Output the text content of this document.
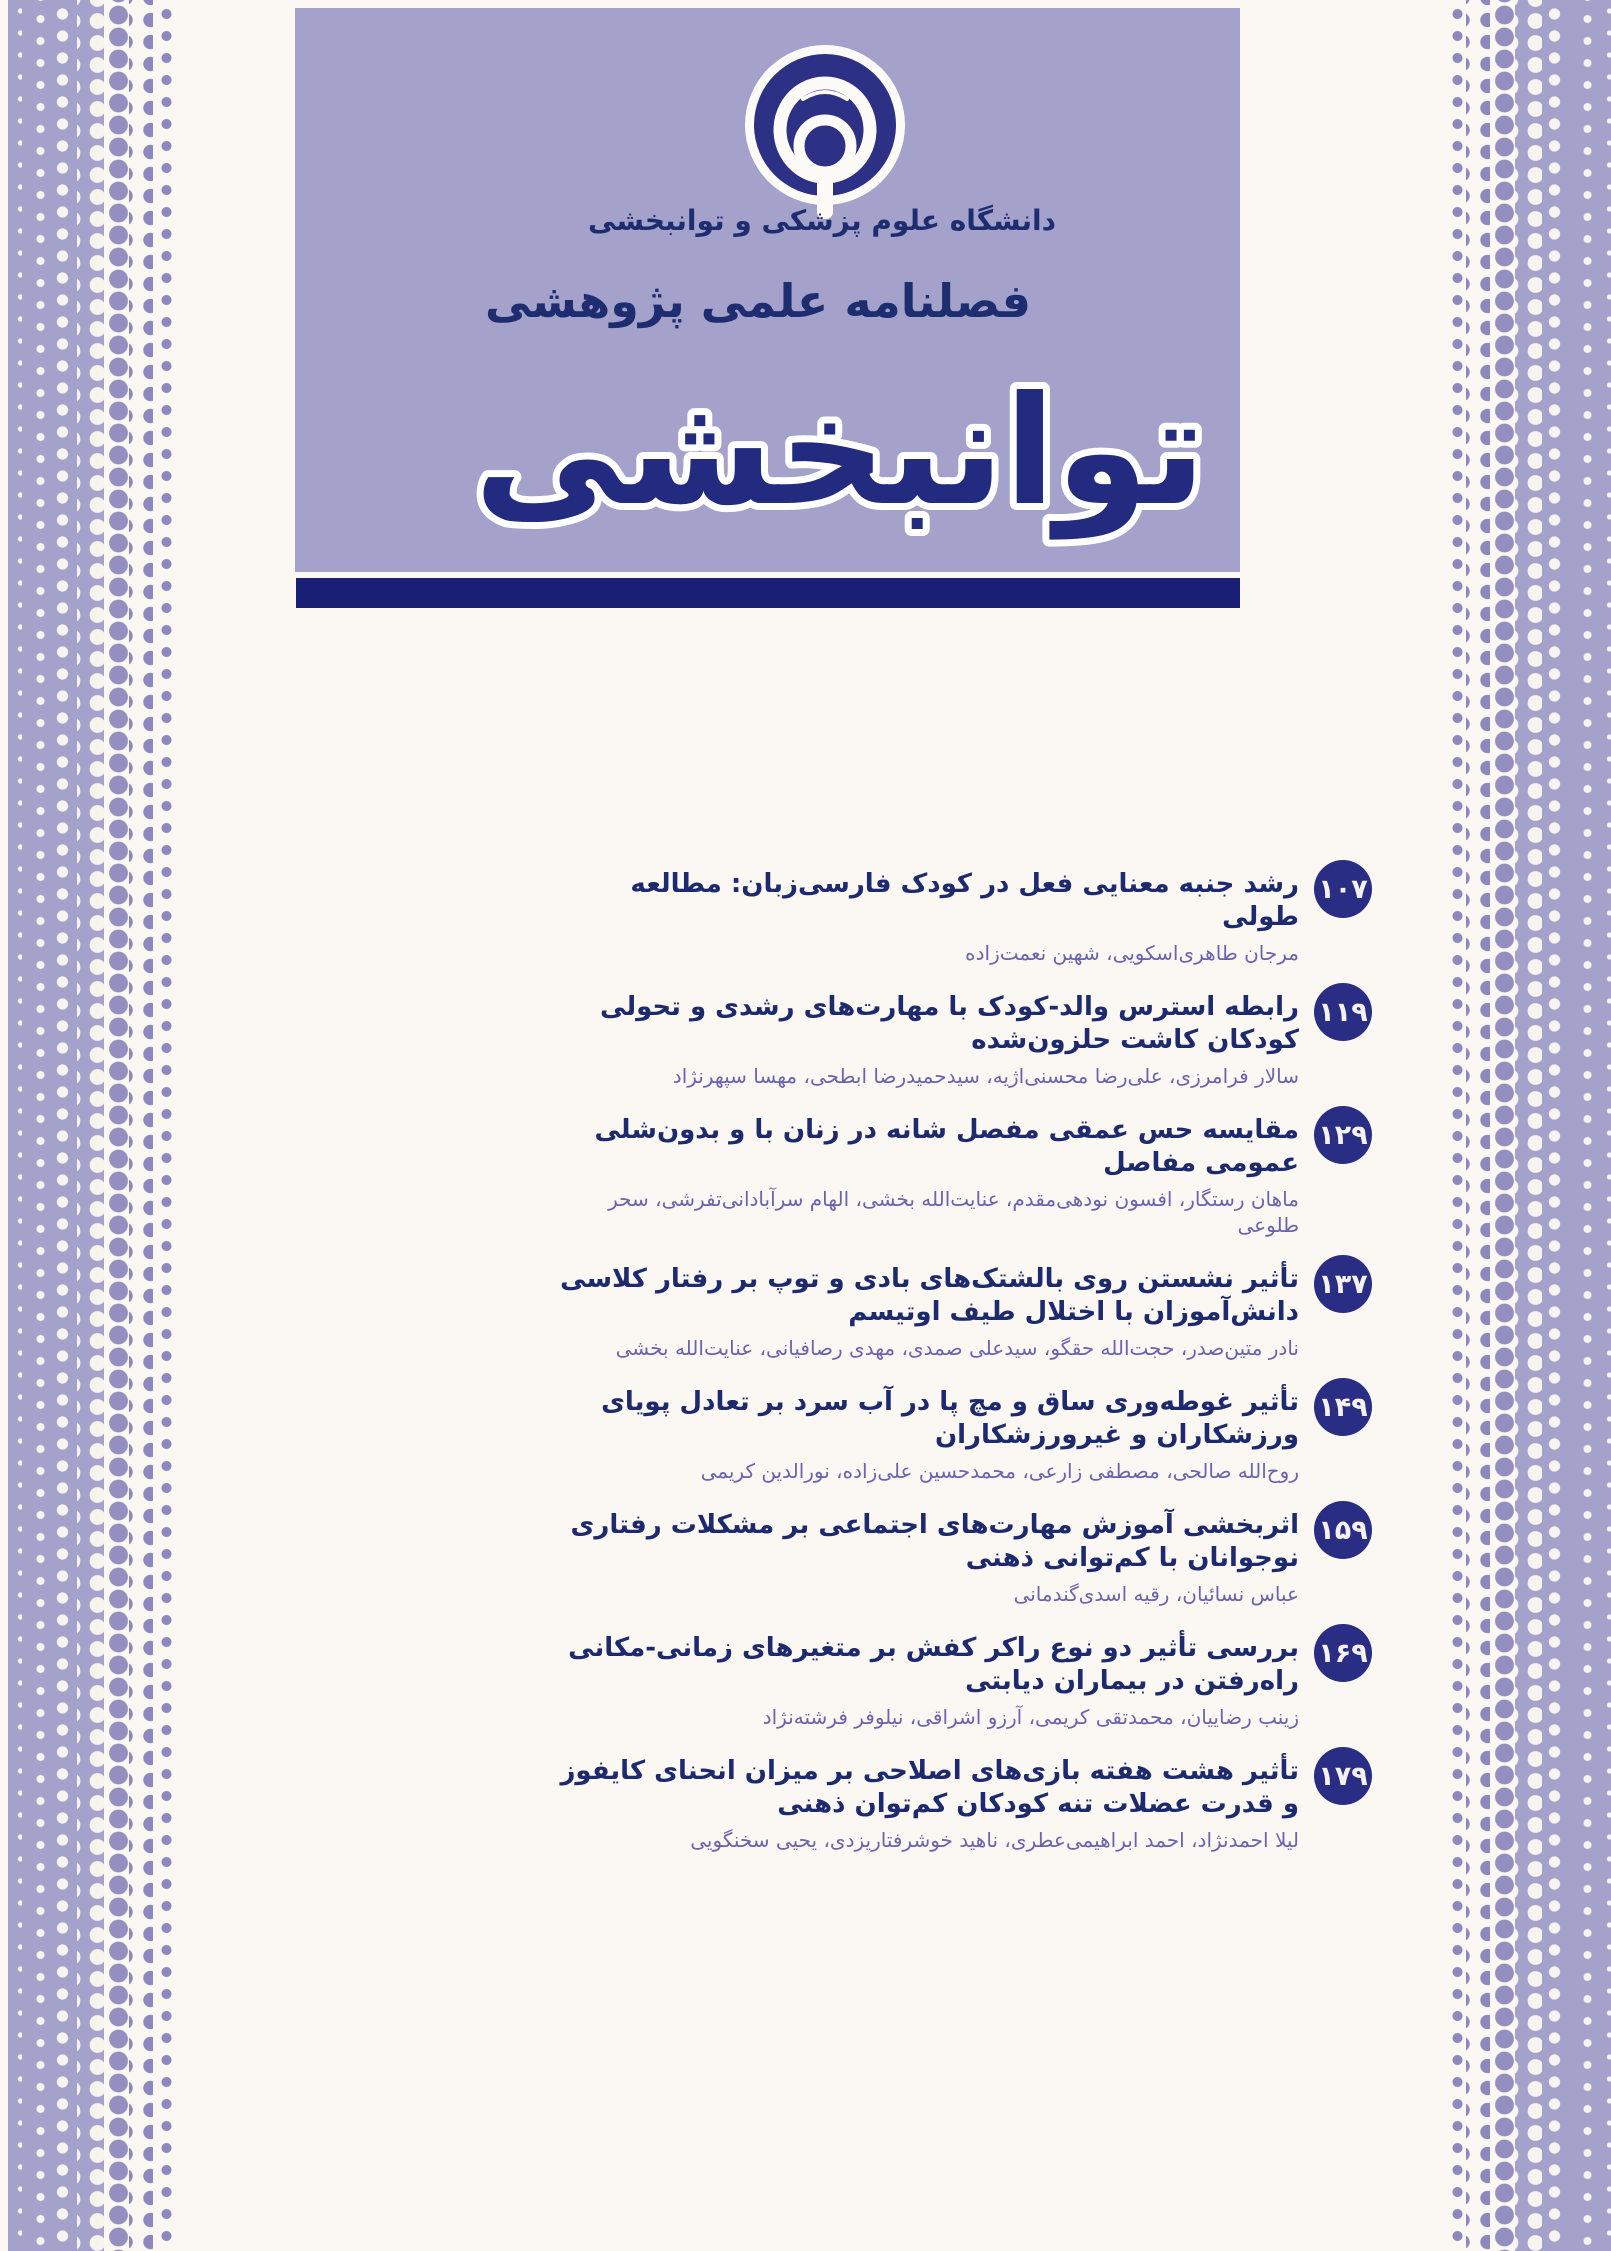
دانشگاه علوم پزشکی و توانبخشی
فصلنامه علمی پژوهشی
توانبخشی
۱۰۷
رشد جنبه معنایی فعل در کودک فارسی‌زبان: مطالعه طولی
مرجان طاهری‌اسکویی، شهین نعمت‌زاده
۱۱۹
رابطه استرس والد-کودک با مهارت‌های رشدی و تحولی کودکان کاشت حلزون‌شده
سالار فرامرزی، علی‌رضا محسنی‌اژیه، سیدحمیدرضا ابطحی، مهسا سپهرنژاد
۱۲۹
مقایسه حس عمقی مفصل شانه در زنان با و بدون‌شلی عمومی مفاصل
ماهان رستگار، افسون نودهی‌مقدم، عنایت‌الله بخشی، الهام سرآبادانی‌تفرشی، سحر طلوعی
۱۳۷
تأثیر نشستن روی بالشتک‌های بادی و توپ بر رفتار کلاسی دانش‌آموزان با اختلال طیف اوتیسم
نادر متین‌صدر، حجت‌الله حقگو، سیدعلی صمدی، مهدی رصافیانی، عنایت‌الله بخشی
۱۴۹
تأثیر غوطه‌وری ساق و مچ پا در آب سرد بر تعادل پویای ورزشکاران و غیرورزشکاران
روح‌الله صالحی، مصطفی زارعی، محمدحسین علی‌زاده، نورالدین کریمی
۱۵۹
اثربخشی آموزش مهارت‌های اجتماعی بر مشکلات رفتاری نوجوانان با کم‌توانی ذهنی
عباس نسائیان، رقیه اسدی‌گندمانی
۱۶۹
بررسی تأثیر دو نوع راکر کفش بر متغیرهای زمانی-مکانی راه‌رفتن در بیماران دیابتی
زینب رضاییان، محمدتقی کریمی، آرزو اشراقی، نیلوفر فرشته‌نژاد
۱۷۹
تأثیر هشت هفته بازی‌های اصلاحی بر میزان انحنای کایفوز و قدرت عضلات تنه کودکان کم‌توان ذهنی
لیلا احمدنژاد، احمد ابراهیمی‌عطری، ناهید خوشرفتاریزدی، یحیی سخنگویی
